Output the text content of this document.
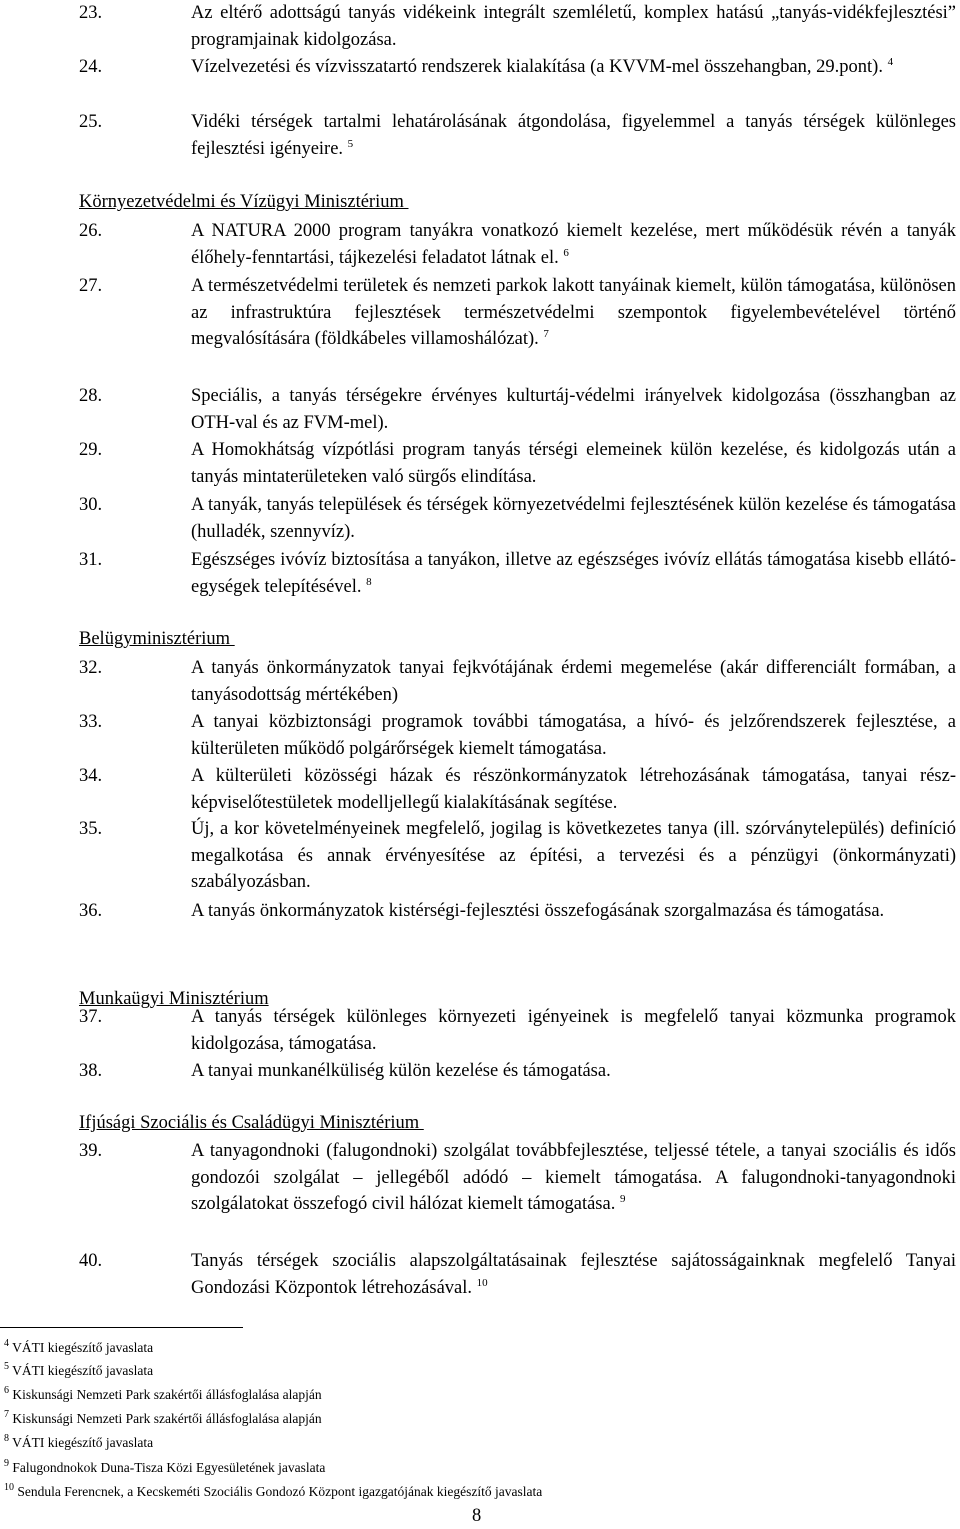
23.	Az eltérő adottságú tanyás vidékeink integrált szemléletű, komplex hatású „tanyás-vidékfejlesztési” programjainak kidolgozása.
24.	Vízelvezetési és vízvisszatartó rendszerek kialakítása (a KVVM-mel összehangban, 29.pont). $^4$
25.	Vidéki térségek tartalmi lehatárolásának átgondolása, figyelemmel a tanyás térségek különleges fejlesztési igényeire. $^5$
Környezetvédelmi és Vízügyi Minisztérium
26.	A NATURA 2000 program tanyákra vonatkozó kiemelt kezelése, mert működésük révén a tanyák élőhely-fenntartási, tájkezelési feladatot látnak el. $^6$
27.	A természetvédelmi területek és nemzeti parkok lakott tanyáinak kiemelt, külön támogatása, különösen az infrastruktúra fejlesztések természetvédelmi szempontok figyelembevételével történő megvalósítására (földkábeles villamoshálózat). $^7$
28.	Speciális, a tanyás térségekre érvényes kulturtáj-védelmi irányelvek kidolgozása (összhangban az OTH-val és az FVM-mel).
29.	A Homokhátság vízpótlási program tanyás térségi elemeinek külön kezelése, és kidolgozás után a tanyás mintaterületeken való sürgős elindítása.
30.	A tanyák, tanyás települések és térségek környezetvédelmi fejlesztésének külön kezelése és támogatása (hulladék, szennyvíz).
31.	Egészséges ivóvíz biztosítása a tanyákon, illetve az egészséges ivóvíz ellátás támogatása kisebb ellátó-egységek telepítésével. $^8$
Belügyminisztérium
32.	A tanyás önkormányzatok tanyai fejkvótájának érdemi megemelése (akár differenciált formában, a tanyásodottság mértékében)
33.	A tanyai közbiztonsági programok további támogatása, a hívó- és jelzőrendszerek fejlesztése, a külterületen működő polgárőrségek kiemelt támogatása.
34.	A külterületi közösségi házak és részönkormányzatok létrehozásának támogatása, tanyai rész-képviselőtestületek modelljellegű kialakításának segítése.
35.	Új, a kor követelményeinek megfelelő, jogilag is következetes tanya (ill. szórványtelepülés) definíció megalkotása és annak érvényesítése az építési, a tervezési és a pénzügyi (önkormányzati) szabályozásban.
36.	A tanyás önkormányzatok kistérségi-fejlesztési összefogásának szorgalmazása és támogatása.
Munkaügyi Minisztérium
37.	A tanyás térségek különleges környezeti igényeinek is megfelelő tanyai közmunka programok kidolgozása, támogatása.
38.	A tanyai munkanélküliség külön kezelése és támogatása.
Ifjúsági Szociális és Családügyi Minisztérium
39.	A tanyagondnoki (falugondnoki) szolgálat továbbfejlesztése, teljessé tétele, a tanyai szociális és idős gondozói szolgálat – jellegéből adódó – kiemelt támogatása. A falugondnoki-tanyagondnoki szolgálatokat összefogó civil hálózat kiemelt támogatása. $^9$
40.	Tanyás térségek szociális alapszolgáltatásainak fejlesztése sajátosságainknak megfelelő Tanyai Gondozási Központok létrehozásával. $^{10}$
$^4$ VÁTI kiegészítő javaslata
$^5$ VÁTI kiegészítő javaslata
$^6$ Kiskunsági Nemzeti Park szakértői állásfoglalása alapján
$^7$ Kiskunsági Nemzeti Park szakértői állásfoglalása alapján
$^8$ VÁTI kiegészítő javaslata
$^9$ Falugondnokok Duna-Tisza Közi Egyesületének javaslata
$^{10}$ Sendula Ferencnek, a Kecskeméti Szociális Gondozó Központ igazgatójának kiegészítő javaslata
8
